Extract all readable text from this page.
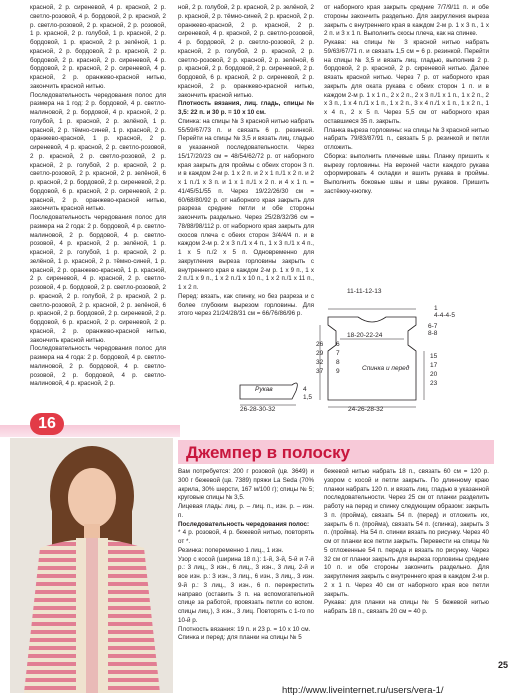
красной, 2 р. сиреневой, 4 р. красной, 2 р. светло-розовой, 4 р. бордовой, 2 р. красной, 2 р. светло-розовой, 2 р. красной, 2 р. розовой, 1 р. красной, 2 р. голубой, 1 р. красной, 2 р. бордовой, 1 р. красной, 2 р. зелёной, 1 р. красной, 2 р. бордовой, 2 р. красной, 2 р. бордовой, 2 р. красной, 2 р. сиреневой, 4 р. бордовой, 2 р. красной, 2 р. сиреневой, 4 р. красной, 2 р. оранжево-красной нитью, закончить красной нитью.

Последовательность чередования полос для размера на 1 год: 2 р. бордовой, 4 р. светло-малиновой, 2 р. бордовой, 4 р. красной, 2 р. голубой, 1 р. красной, 2 р. зелёной, 1 р. красной, 2 р. тёмно-синей, 1 р. красной, 2 р. оранжево-красной, 1 р. красной, 2 р. сиреневой, 4 р. красной, 2 р. светло-розовой, 2 р. красной, 2 р. светло-розовой, 2 р. красной, 2 р. голубой, 2 р. красной, 2 р. светло-розовой, 2 р. красной, 2 р. зелёной, 6 р. красной, 2 р. бордовой, 2 р. сиреневой, 2 р. бордовой, 6 р. красной, 2 р. сиреневой, 2 р. красной, 2 р. оранжево-красной нитью, закончить красной нитью.

Последовательность чередования полос для размера на 2 года: 2 р. бордовой, 4 р. светло-малиновой, 2 р. бордовой, 4 р. светло-розовой, 4 р. красной, 2 р. зелёной, 1 р. красной, 2 р. голубой, 1 р. красной, 2 р. зелёной, 1 р. красной, 2 р. тёмно-синей, 1 р. красной, 2 р. оранжево-красной, 1 р. красной, 2 р. сиреневой, 4 р. красной, 2 р. светло-розовой, 4 р. бордовой, 2 р. светло-розовой, 2 р. красной, 2 р. голубой, 2 р. красной, 2 р. светло-розовой, 2 р. красной, 2 р. зелёной, 6 р. красной, 2 р. бордовой, 2 р. сиреневой, 2 р. бордовой, 6 р. красной, 2 р. сиреневой, 2 р. красной, 2 р. оранжево-красной нитью, закончить красной нитью.

Последовательность чередования полос для размера на 4 года: 2 р. бордовой, 4 р. светло-малиновой, 2 р. бордовой, 4 р. светло-розовой, 2 р. бордовой, 4 р. светло-малиновой, 4 р. красной, 2 р.

ной, 2 р. голубой, 2 р. красной, 2 р. зелёной, 2 р. красной, 2 р. тёмно-синей, 2 р. красной, 2 р. оранжево-красной, 2 р. красной, 2 р. сиреневой, 4 р. красной, 2 р. светло-розовой, 4 р. бордовой, 2 р. светло-розовой, 2 р. красной, 2 р. голубой, 2 р. красной, 2 р. светло-розовой, 2 р. красной, 2 р. зелёной, 6 р. красной, 2 р. бордовой, 2 р. сиреневой, 2 р. бордовой, 6 р. красной, 2 р. сиреневой, 2 р. красной, 2 р. оранжево-красной нитью, закончить красной нитью.

Плотность вязания, лиц. гладь, спицы № 3,5: 22 п. и 30 р. = 10 х 10 см.

Спинка: на спицы № 3 красной нитью набрать 55/59/67/73 п. и связать 6 р. резинкой. Перейти на спицы № 3,5 и вязать лиц. гладью в указанной последовательности. Через 15/17/20/23 см = 48/54/62/72 р. от наборного края закрыть для проймы с обеих сторон 3 п. и в каждом 2-м р. 1 х 2 п. и 2 х 1 п./1 х 2 п. и 2 х 1 п./1 х 3 п. и 1 х 1 п./1 х 2 п. и 4 х 1 п. = 41/45/51/55 п. Через 19/22/26/30 см = 60/68/80/92 р. от наборного края закрыть для разреза средние петли и обе стороны закончить раздельно. Через 25/28/32/36 см = 78/88/98/112 р. от наборного края закрыть для скосов плеча с обеих сторон 3/4/4/4 п. и в каждом 2-м р. 2 х 3 п./1 х 4 п., 1 х 3 п./1 х 4 п., 1 х 5 п./2 х 5 п. Одновременно для закругления выреза горловины закрыть с внутреннего края в каждом 2-м р. 1 х 9 п., 1 х 2 п./1 х 9 п., 1 х 2 п./1 х 10 п., 1 х 2 п./1 х 11 п., 1 х 2 п.

Перед: вязать, как спинку, но без разреза и с более глубоким вырезом горловины. Для этого через 21/24/28/31 см = 66/76/86/96 р.

от наборного края закрыть средние 7/7/9/11 п. и обе стороны закончить раздельно. Для закругления выреза закрыть с внутреннего края в каждом 2-м р. 1 х 3 п., 1 х 2 п. и 3 х 1 п. Выполнить скосы плеча, как на спинке.

Рукава: на спицы № 3 красной нитью набрать 59/63/67/71 п. и связать 1,5 см = 6 р. резинкой. Перейти на спицы № 3,5 и вязать лиц. гладью, выполнив 2 р. бордовой, 2 р. красной, 2 р. сиреневой нитью. Далее вязать красной нитью. Через 7 р. от наборного края закрыть для оката рукава с обеих сторон 1 п. и в каждом 2-м р. 1 х 1 п., 2 х 2 п., 2 х 3 п./1 х 1 п., 1 х 2 п., 2 х 3 п., 1 х 4 п./1 х 1 п., 1 х 2 п., 3 х 4 п./1 х 1 п., 1 х 2 п., 1 х 4 п., 2 х 5 п. Через 5,5 см от наборного края оставшиеся 35 п. закрыть.

Планка выреза горловины: на спицы № 3 красной нитью набрать 79/83/87/91 п., связать 5 р. резинкой и петли отложить.

Сборка: выполнить плечевые швы. Планку пришить к вырезу горловины. На верхней части каждого рукава сформировать 4 складки и вшить рукава в проймы. Выполнить боковые швы и швы рукавов. Пришить застёжку-кнопку.

11-11-12-13
1
4-4-4-5
6-7
8-8
18-20-22-24
15
17
20
23
26
29
32
37
6
7
8
9	Спинка и перед
24-26-28-32
Рукав	4
1,5
26-28-30-32
16
Джемпер в полоску

Вам потребуется: 200 г розовой (цв. 3649) и 300 г бежевой (цв. 7389) пряжи La Seda (70% акрила, 30% шерсти, 167 м/100 г); спицы № 5; круговые спицы № 3,5.

Лицевая гладь: лиц. р. – лиц. п., изн. р. – изн. п.

Последовательность чередования полос:

* 4 р. розовой, 4 р. бежевой нитью, повторять от *.

Резинка: попеременно 1 лиц., 1 изн.

Узор с косой (ширина 18 п.): 1-й, 3-й, 5-й и 7-й р.: 3 лиц., 3 изн., 6 лиц., 3 изн., 3 лиц. 2-й и все изн. р.: 3 изн., 3 лиц., 6 изн., 3 лиц., 3 изн. 9-й р.: 3 лиц., 3 изн., 6 п. перекрестить направо (оставить 3 п. на вспомогательной спице за работой, провязать петли со вспом. спицы лиц.), 3 изн., 3 лиц. Повторять с 1-го по 10-й р.

Плотность вязания: 19 п. и 23 р. = 10 х 10 см.

Спинка и перед: для планки на спицы № 5

бежевой нитью набрать 18 п., связать 60 см = 120 р. узором с косой и петли закрыть. По длинному краю планки набрать 120 п. и вязать лиц. гладью в указанной последовательности. Через 25 см от планки разделить работу на перед и спинку следующим образом: закрыть 3 п. (пройма), связать 54 п. (перед) и отложить их, закрыть 6 п. (пройма), связать 54 п. (спинка), закрыть 3 п. (пройма). На 54 п. спинки вязать по рисунку. Через 40 см от планки все петли закрыть. Перевести на спицы № 5 отложенные 54 п. переда и вязать по рисунку. Через 32 см от планки закрыть для выреза горловины средние 10 п. и обе стороны закончить раздельно. Для закругления закрыть с внутреннего края в каждом 2-м р. 2 х 1 п. Через 40 см от наборного края все петли закрыть.

Рукава: для планки на спицы № 5 бежевой нитью набрать 18 п., связать 20 см = 40 р.

25
http://www.liveinternet.ru/users/vera-1/
